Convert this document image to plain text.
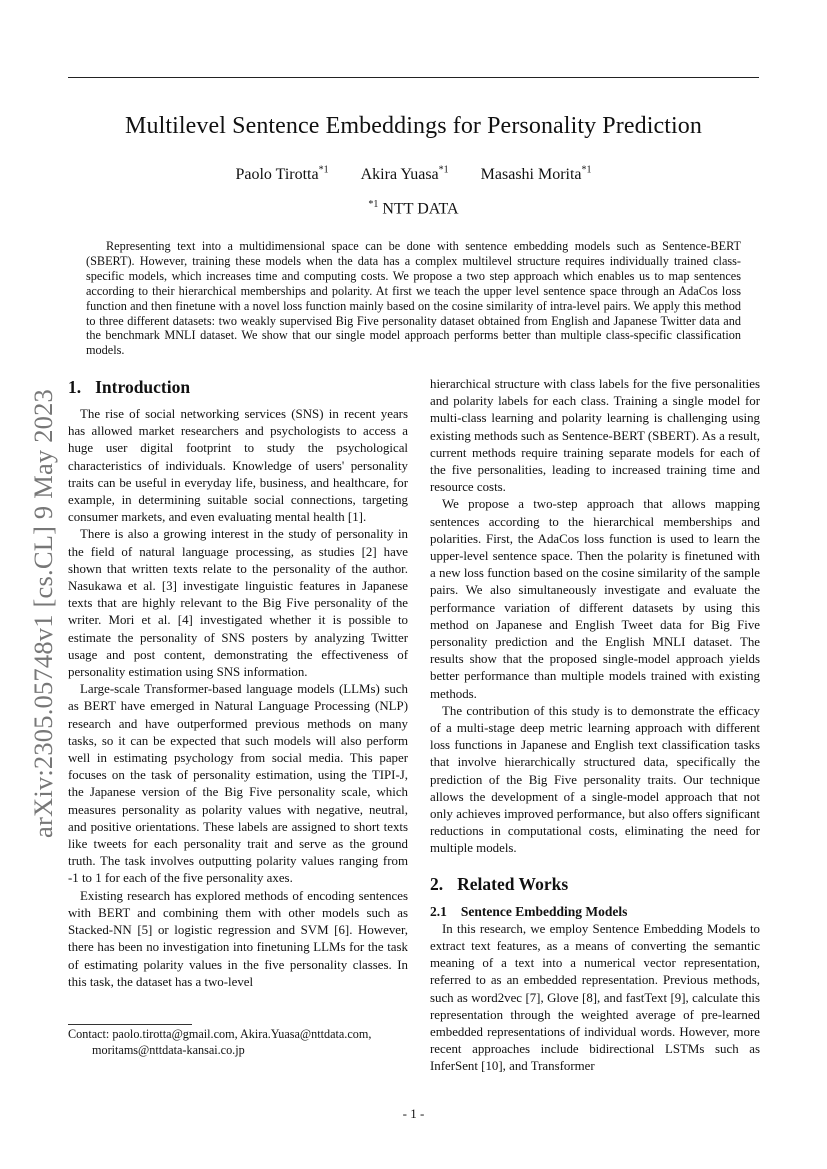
Multilevel Sentence Embeddings for Personality Prediction
Paolo Tirotta$^{*1}$ Akira Yuasa$^{*1}$ Masashi Morita$^{*1}$
$^{*1}$ NTT DATA
Representing text into a multidimensional space can be done with sentence embedding models such as Sentence-BERT (SBERT). However, training these models when the data has a complex multilevel structure requires individually trained class-specific models, which increases time and computing costs. We propose a two step approach which enables us to map sentences according to their hierarchical memberships and polarity. At first we teach the upper level sentence space through an AdaCos loss function and then finetune with a novel loss function mainly based on the cosine similarity of intra-level pairs. We apply this method to three different datasets: two weakly supervised Big Five personality dataset obtained from English and Japanese Twitter data and the benchmark MNLI dataset. We show that our single model approach performs better than multiple class-specific classification models.
arXiv:2305.05748v1 [cs.CL] 9 May 2023
1. Introduction

The rise of social networking services (SNS) in recent years has allowed market researchers and psychologists to access a huge user digital footprint to study the psychological characteristics of individuals. Knowledge of users' personality traits can be useful in everyday life, business, and healthcare, for example, in determining suitable social connections, targeting consumer markets, and even evaluating mental health [1].

There is also a growing interest in the study of personality in the field of natural language processing, as studies [2] have shown that written texts relate to the personality of the author. Nasukawa et al. [3] investigate linguistic features in Japanese texts that are highly relevant to the Big Five personality of the writer. Mori et al. [4] investigated whether it is possible to estimate the personality of SNS posters by analyzing Twitter usage and post content, demonstrating the effectiveness of personality estimation using SNS information.

Large-scale Transformer-based language models (LLMs) such as BERT have emerged in Natural Language Processing (NLP) research and have outperformed previous methods on many tasks, so it can be expected that such models will also perform well in estimating psychology from social media. This paper focuses on the task of personality estimation, using the TIPI-J, the Japanese version of the Big Five personality scale, which measures personality as polarity values with negative, neutral, and positive orientations. These labels are assigned to short texts like tweets for each personality trait and serve as the ground truth. The task involves outputting polarity values ranging from -1 to 1 for each of the five personality axes.

Existing research has explored methods of encoding sentences with BERT and combining them with other models such as Stacked-NN [5] or logistic regression and SVM [6]. However, there has been no investigation into finetuning LLMs for the task of estimating polarity values in the five personality classes. In this task, the dataset has a two-level

hierarchical structure with class labels for the five personalities and polarity labels for each class. Training a single model for multi-class learning and polarity learning is challenging using existing methods such as Sentence-BERT (SBERT). As a result, current methods require training separate models for each of the five personalities, leading to increased training time and resource costs.

We propose a two-step approach that allows mapping sentences according to the hierarchical memberships and polarities. First, the AdaCos loss function is used to learn the upper-level sentence space. Then the polarity is finetuned with a new loss function based on the cosine similarity of the sample pairs. We also simultaneously investigate and evaluate the performance variation of different datasets by using this method on Japanese and English Tweet data for Big Five personality prediction and the English MNLI dataset. The results show that the proposed single-model approach yields better performance than multiple models trained with existing methods.

The contribution of this study is to demonstrate the efficacy of a multi-stage deep metric learning approach with different loss functions in Japanese and English text classification tasks that involve hierarchically structured data, specifically the prediction of the Big Five personality traits. Our technique allows the development of a single-model approach that not only achieves improved performance, but also offers significant reductions in computational costs, eliminating the need for multiple models.

2. Related Works
2.1 Sentence Embedding Models

In this research, we employ Sentence Embedding Models to extract text features, as a means of converting the semantic meaning of a text into a numerical vector representation, referred to as an embedded representation. Previous methods, such as word2vec [7], Glove [8], and fastText [9], calculate this representation through the weighted average of pre-learned embedded representations of individual words. However, more recent approaches include bidirectional LSTMs such as InferSent [10], and Transformer

Contact: paolo.tirotta@gmail.com, Akira.Yuasa@nttdata.com,
moritams@nttdata-kansai.co.jp
- 1 -
